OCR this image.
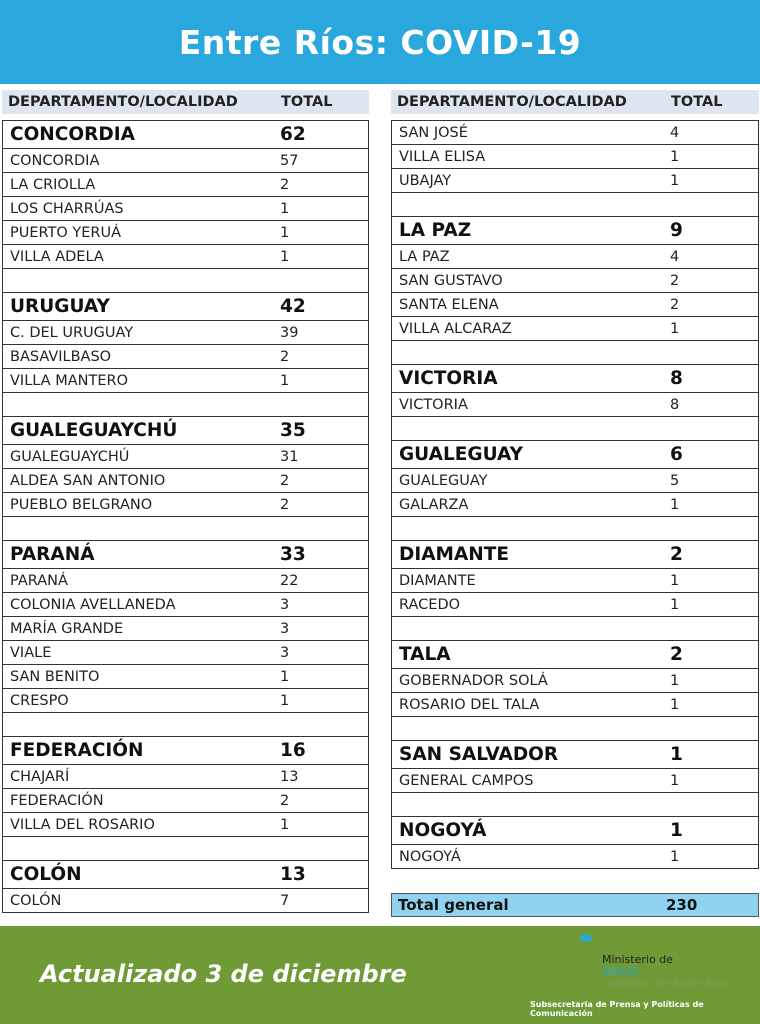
Entre Ríos: COVID-19
DEPARTAMENTO/LOCALIDAD	TOTAL
CONCORDIA	62
CONCORDIA	57
LA CRIOLLA	2
LOS CHARRÚAS	1
PUERTO YERUÁ	1
VILLA ADELA	1
URUGUAY	42
C. DEL URUGUAY	39
BASAVILBASO	2
VILLA MANTERO	1
GUALEGUAYCHÚ	35
GUALEGUAYCHÚ	31
ALDEA SAN ANTONIO	2
PUEBLO BELGRANO	2
PARANÁ	33
PARANÁ	22
COLONIA AVELLANEDA	3
MARÍA GRANDE	3
VIALE	3
SAN BENITO	1
CRESPO	1
FEDERACIÓN	16
CHAJARÍ	13
FEDERACIÓN	2
VILLA DEL ROSARIO	1
COLÓN	13
COLÓN	7
DEPARTAMENTO/LOCALIDAD	TOTAL
SAN JOSÉ	4
VILLA ELISA	1
UBAJAY	1
LA PAZ	9
LA PAZ	4
SAN GUSTAVO	2
SANTA ELENA	2
VILLA ALCARAZ	1
VICTORIA	8
VICTORIA	8
GUALEGUAY	6
GUALEGUAY	5
GALARZA	1
DIAMANTE	2
DIAMANTE	1
RACEDO	1
TALA	2
GOBERNADOR SOLÁ	1
ROSARIO DEL TALA	1
SAN SALVADOR	1
GENERAL CAMPOS	1
NOGOYÁ	1
NOGOYÁ	1
Total general	230
Actualizado 3 de diciembre
Ministerio de
SALUD
Gobierno de Entre Ríos
Subsecretaria de Prensa y Políticas de Comunicación
